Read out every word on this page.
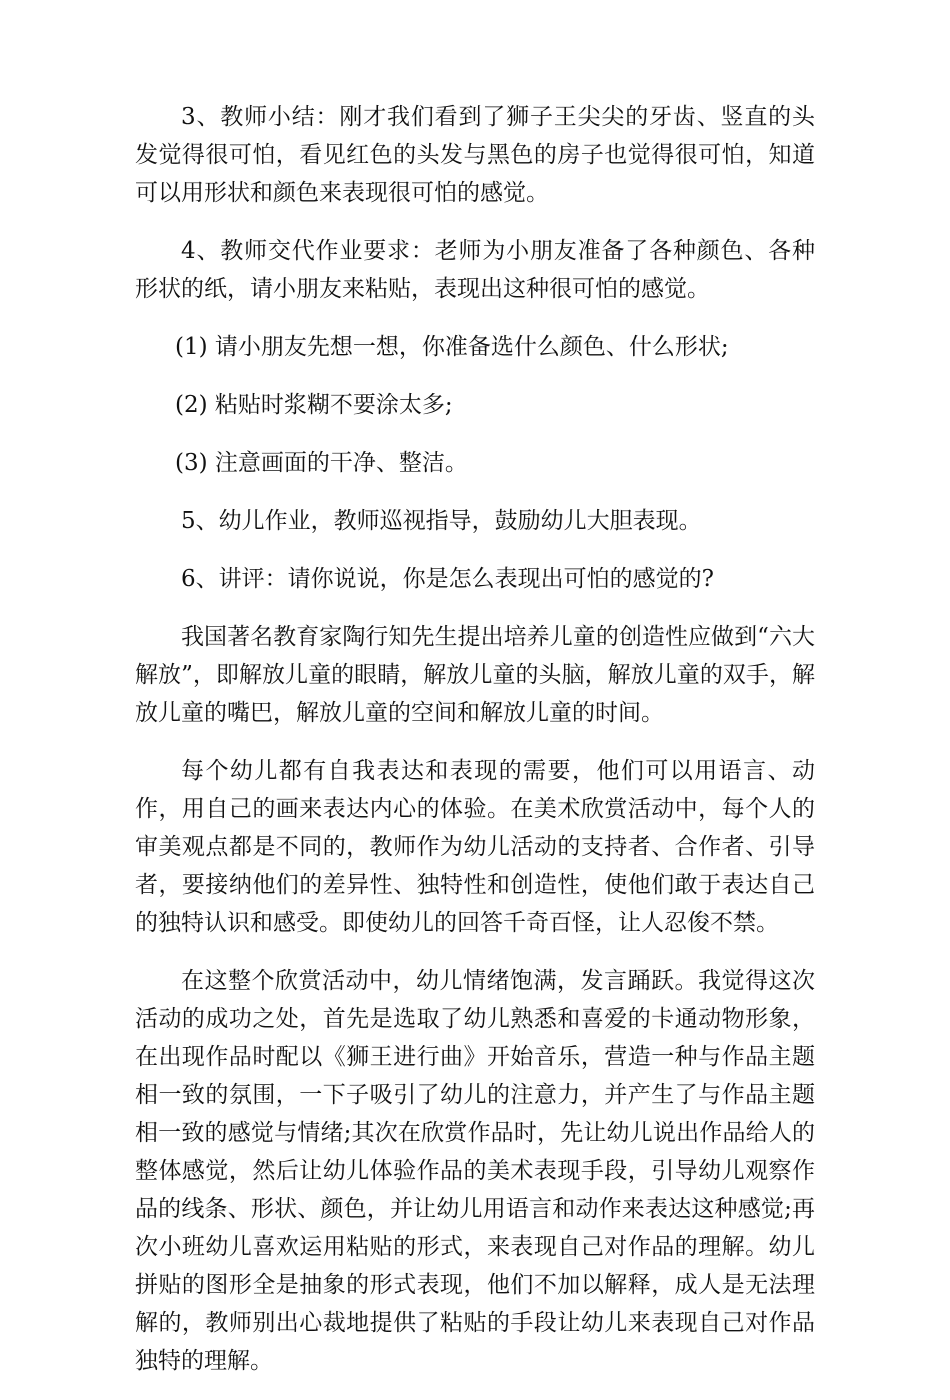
3、教师小结：刚才我们看到了狮子王尖尖的牙齿、竖直的头发觉得很可怕，看见红色的头发与黑色的房子也觉得很可怕，知道可以用形状和颜色来表现很可怕的感觉。

4、教师交代作业要求：老师为小朋友准备了各种颜色、各种形状的纸，请小朋友来粘贴，表现出这种很可怕的感觉。

(1) 请小朋友先想一想，你准备选什么颜色、什么形状;

(2) 粘贴时浆糊不要涂太多;

(3) 注意画面的干净、整洁。

5、幼儿作业，教师巡视指导，鼓励幼儿大胆表现。

6、讲评：请你说说，你是怎么表现出可怕的感觉的?

我国著名教育家陶行知先生提出培养儿童的创造性应做到“六大解放”，即解放儿童的眼睛，解放儿童的头脑，解放儿童的双手，解放儿童的嘴巴，解放儿童的空间和解放儿童的时间。

每个幼儿都有自我表达和表现的需要，他们可以用语言、动作，用自己的画来表达内心的体验。在美术欣赏活动中，每个人的审美观点都是不同的，教师作为幼儿活动的支持者、合作者、引导者，要接纳他们的差异性、独特性和创造性，使他们敢于表达自己的独特认识和感受。即使幼儿的回答千奇百怪，让人忍俊不禁。

在这整个欣赏活动中，幼儿情绪饱满，发言踊跃。我觉得这次活动的成功之处，首先是选取了幼儿熟悉和喜爱的卡通动物形象，在出现作品时配以《狮王进行曲》开始音乐，营造一种与作品主题相一致的氛围，一下子吸引了幼儿的注意力，并产生了与作品主题相一致的感觉与情绪;其次在欣赏作品时，先让幼儿说出作品给人的整体感觉，然后让幼儿体验作品的美术表现手段，引导幼儿观察作品的线条、形状、颜色，并让幼儿用语言和动作来表达这种感觉;再次小班幼儿喜欢运用粘贴的形式，来表现自己对作品的理解。幼儿拼贴的图形全是抽象的形式表现，他们不加以解释，成人是无法理解的，教师别出心裁地提供了粘贴的手段让幼儿来表现自己对作品独特的理解。
